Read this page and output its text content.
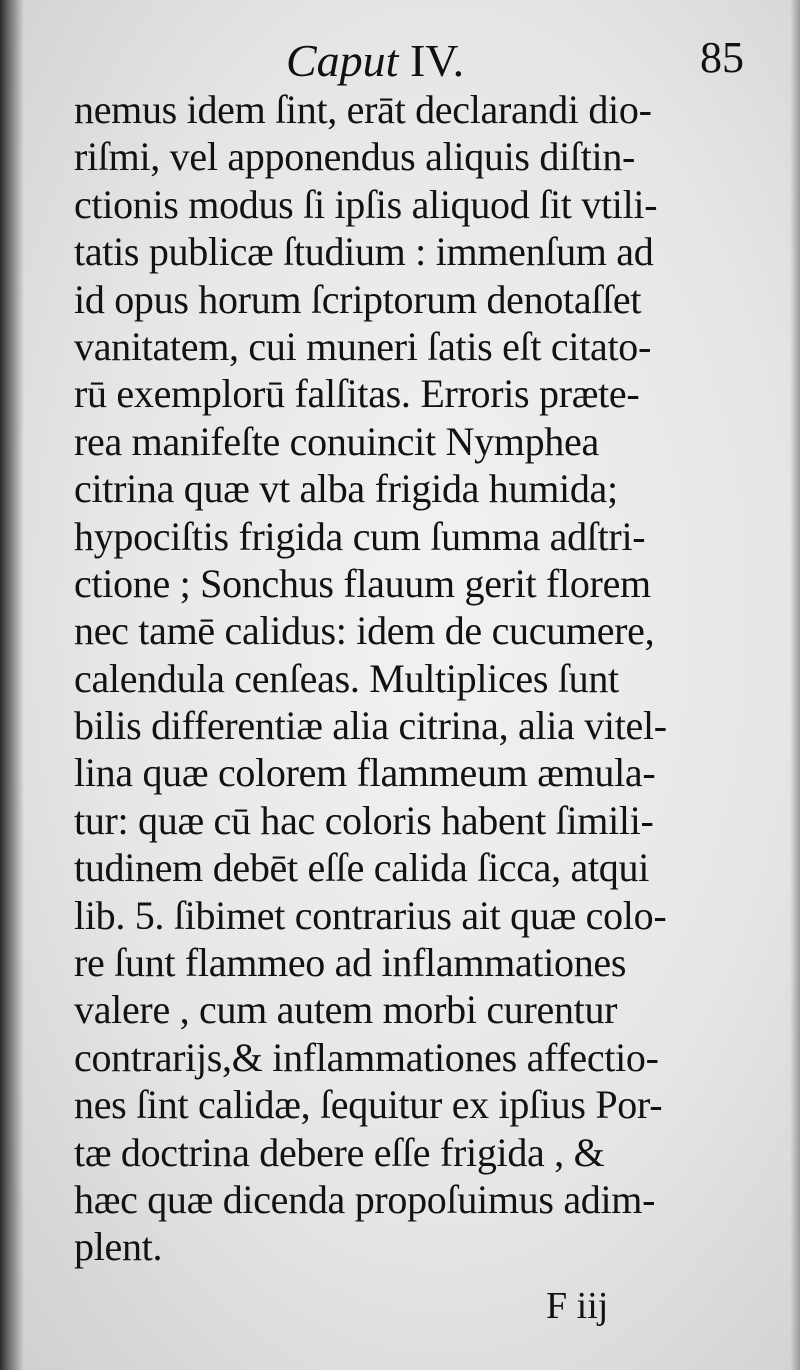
Caput IV.	85
nemus idem ſint, erāt declarandi dio-
riſmi, vel apponendus aliquis diſtin-
ctionis modus ſi ipſis aliquod ſit vtili-
tatis publicæ ſtudium : immenſum ad
id opus horum ſcriptorum denotaſſet
vanitatem, cui muneri ſatis eſt citato-
rū exemplorū falſitas. Erroris præte-
rea manifeſte conuincit Nymphea
citrina quæ vt alba frigida humida;
hypociſtis frigida cum ſumma adſtri-
ctione ; Sonchus flauum gerit florem
nec tamē calidus: idem de cucumere,
calendula cenſeas. Multiplices ſunt
bilis differentiæ alia citrina, alia vitel-
lina quæ colorem flammeum æmula-
tur: quæ cū hac coloris habent ſimili-
tudinem debēt eſſe calida ſicca, atqui
lib. 5. ſibimet contrarius ait quæ colo-
re ſunt flammeo ad inflammationes
valere , cum autem morbi curentur
contrarijs,& inflammationes affectio-
nes ſint calidæ, ſequitur ex ipſius Por-
tæ doctrina debere eſſe frigida , &
hæc quæ dicenda propoſuimus adim-
plent.
F iij
